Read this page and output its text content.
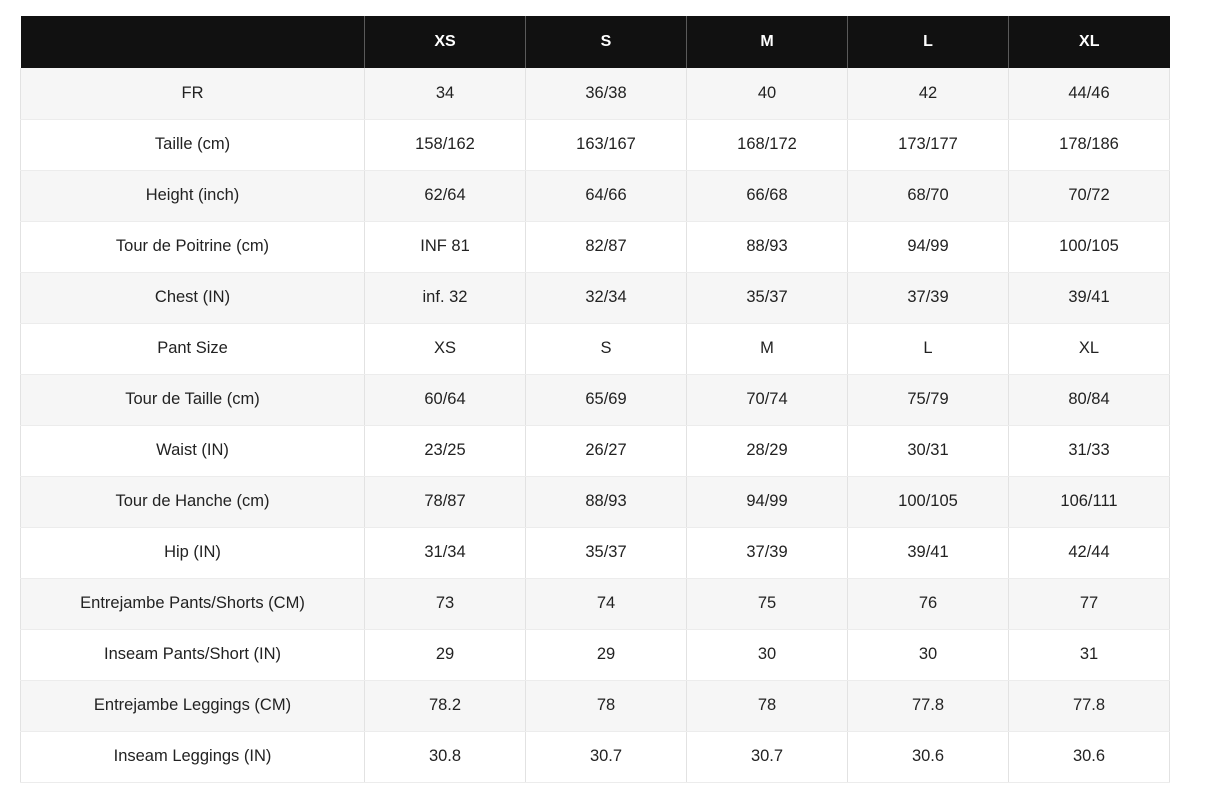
	XS	S	M	L	XL
FR	34	36/38	40	42	44/46
Taille (cm)	158/162	163/167	168/172	173/177	178/186
Height (inch)	62/64	64/66	66/68	68/70	70/72
Tour de Poitrine (cm)	INF 81	82/87	88/93	94/99	100/105
Chest (IN)	inf. 32	32/34	35/37	37/39	39/41
Pant Size	XS	S	M	L	XL
Tour de Taille (cm)	60/64	65/69	70/74	75/79	80/84
Waist (IN)	23/25	26/27	28/29	30/31	31/33
Tour de Hanche (cm)	78/87	88/93	94/99	100/105	106/111
Hip (IN)	31/34	35/37	37/39	39/41	42/44
Entrejambe Pants/Shorts (CM)	73	74	75	76	77
Inseam Pants/Short (IN)	29	29	30	30	31
Entrejambe Leggings (CM)	78.2	78	78	77.8	77.8
Inseam Leggings (IN)	30.8	30.7	30.7	30.6	30.6
